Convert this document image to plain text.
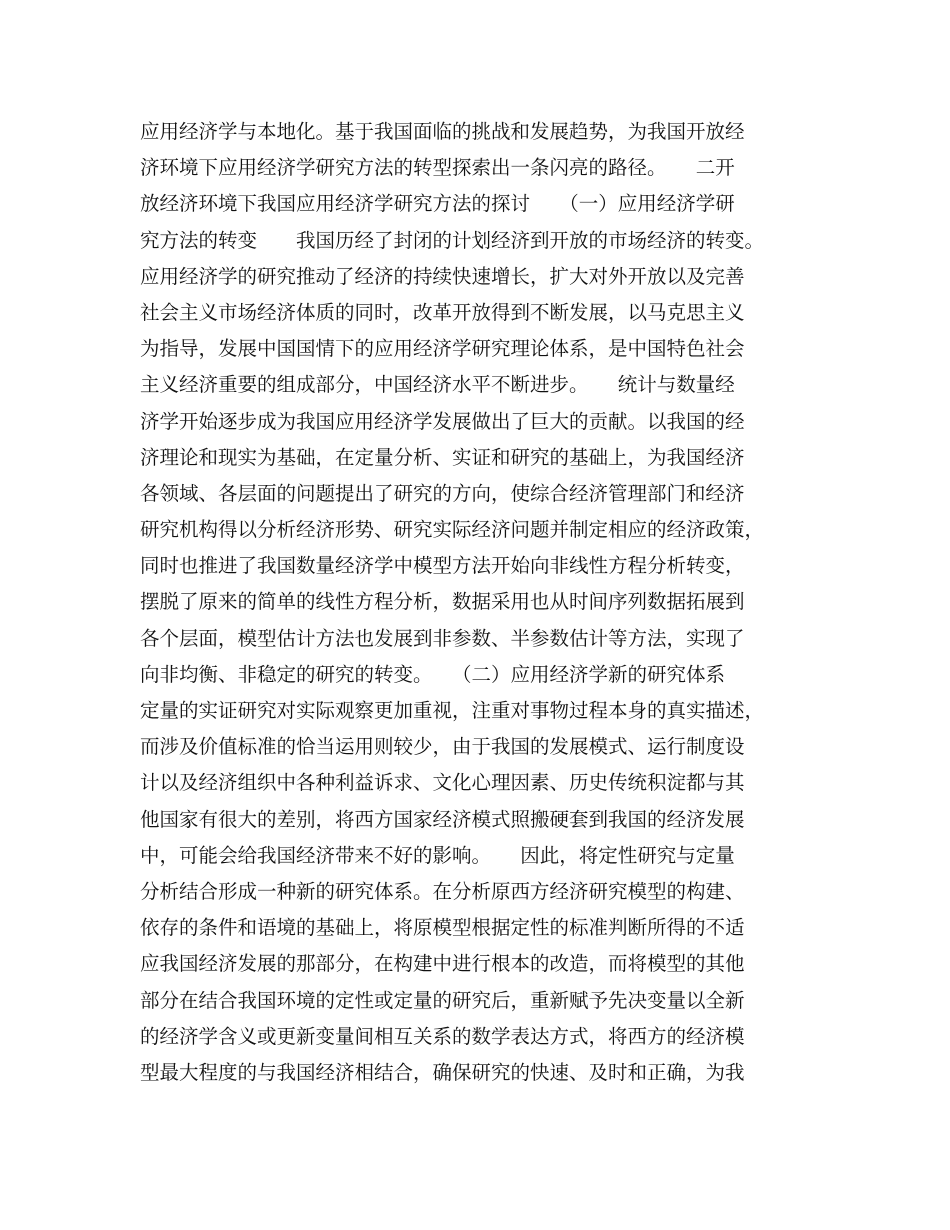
应用经济学与本地化。基于我国面临的挑战和发展趋势，为我国开放经
济环境下应用经济学研究方法的转型探索出一条闪亮的路径。　　二开
放经济环境下我国应用经济学研究方法的探讨　　（一）应用经济学研
究方法的转变　　我国历经了封闭的计划经济到开放的市场经济的转变。
应用经济学的研究推动了经济的持续快速增长，扩大对外开放以及完善
社会主义市场经济体质的同时，改革开放得到不断发展，以马克思主义
为指导，发展中国国情下的应用经济学研究理论体系，是中国特色社会
主义经济重要的组成部分，中国经济水平不断进步。　　统计与数量经
济学开始逐步成为我国应用经济学发展做出了巨大的贡献。以我国的经
济理论和现实为基础，在定量分析、实证和研究的基础上，为我国经济
各领域、各层面的问题提出了研究的方向，使综合经济管理部门和经济
研究机构得以分析经济形势、研究实际经济问题并制定相应的经济政策，
同时也推进了我国数量经济学中模型方法开始向非线性方程分析转变，
摆脱了原来的简单的线性方程分析，数据采用也从时间序列数据拓展到
各个层面，模型估计方法也发展到非参数、半参数估计等方法，实现了
向非均衡、非稳定的研究的转变。　　（二）应用经济学新的研究体系
定量的实证研究对实际观察更加重视，注重对事物过程本身的真实描述，
而涉及价值标准的恰当运用则较少，由于我国的发展模式、运行制度设
计以及经济组织中各种利益诉求、文化心理因素、历史传统积淀都与其
他国家有很大的差别，将西方国家经济模式照搬硬套到我国的经济发展
中，可能会给我国经济带来不好的影响。　　因此，将定性研究与定量
分析结合形成一种新的研究体系。在分析原西方经济研究模型的构建、
依存的条件和语境的基础上，将原模型根据定性的标准判断所得的不适
应我国经济发展的那部分，在构建中进行根本的改造，而将模型的其他
部分在结合我国环境的定性或定量的研究后，重新赋予先决变量以全新
的经济学含义或更新变量间相互关系的数学表达方式，将西方的经济模
型最大程度的与我国经济相结合，确保研究的快速、及时和正确，为我
